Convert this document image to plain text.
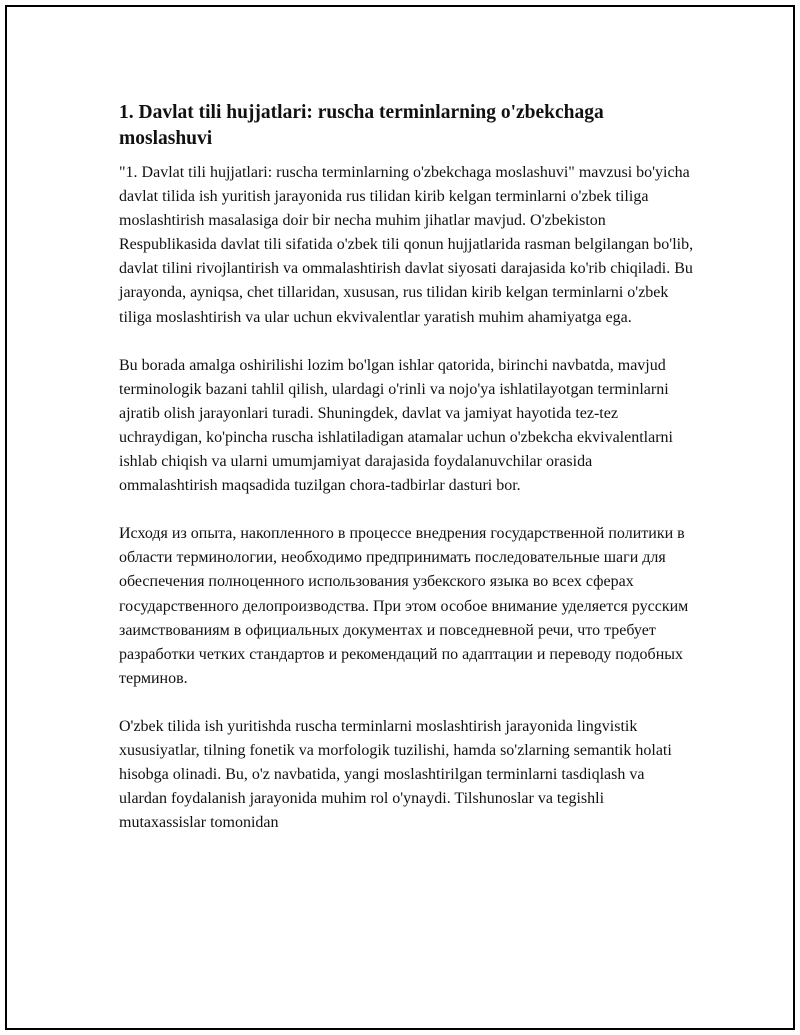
1. Davlat tili hujjatlari: ruscha terminlarning o'zbekchaga moslashuvi

"1. Davlat tili hujjatlari: ruscha terminlarning o'zbekchaga moslashuvi" mavzusi bo'yicha davlat tilida ish yuritish jarayonida rus tilidan kirib kelgan terminlarni o'zbek tiliga moslashtirish masalasiga doir bir necha muhim jihatlar mavjud. O'zbekiston Respublikasida davlat tili sifatida o'zbek tili qonun hujjatlarida rasman belgilangan bo'lib, davlat tilini rivojlantirish va ommalashtirish davlat siyosati darajasida ko'rib chiqiladi. Bu jarayonda, ayniqsa, chet tillaridan, xususan, rus tilidan kirib kelgan terminlarni o'zbek tiliga moslashtirish va ular uchun ekvivalentlar yaratish muhim ahamiyatga ega.

Bu borada amalga oshirilishi lozim bo'lgan ishlar qatorida, birinchi navbatda, mavjud terminologik bazani tahlil qilish, ulardagi o'rinli va nojo'ya ishlatilayotgan terminlarni ajratib olish jarayonlari turadi. Shuningdek, davlat va jamiyat hayotida tez-tez uchraydigan, ko'pincha ruscha ishlatiladigan atamalar uchun o'zbekcha ekvivalentlarni ishlab chiqish va ularni umumjamiyat darajasida foydalanuvchilar orasida ommalashtirish maqsadida tuzilgan chora-tadbirlar dasturi bor.

Исходя из опыта, накопленного в процессе внедрения государственной политики в области терминологии, необходимо предпринимать последовательные шаги для обеспечения полноценного использования узбекского языка во всех сферах государственного делопроизводства. При этом особое внимание уделяется русским заимствованиям в официальных документах и повседневной речи, что требует разработки четких стандартов и рекомендаций по адаптации и переводу подобных терминов.

O'zbek tilida ish yuritishda ruscha terminlarni moslashtirish jarayonida lingvistik xususiyatlar, tilning fonetik va morfologik tuzilishi, hamda so'zlarning semantik holati hisobga olinadi. Bu, o'z navbatida, yangi moslashtirilgan terminlarni tasdiqlash va ulardan foydalanish jarayonida muhim rol o'ynaydi. Tilshunoslar va tegishli mutaxassislar tomonidan
